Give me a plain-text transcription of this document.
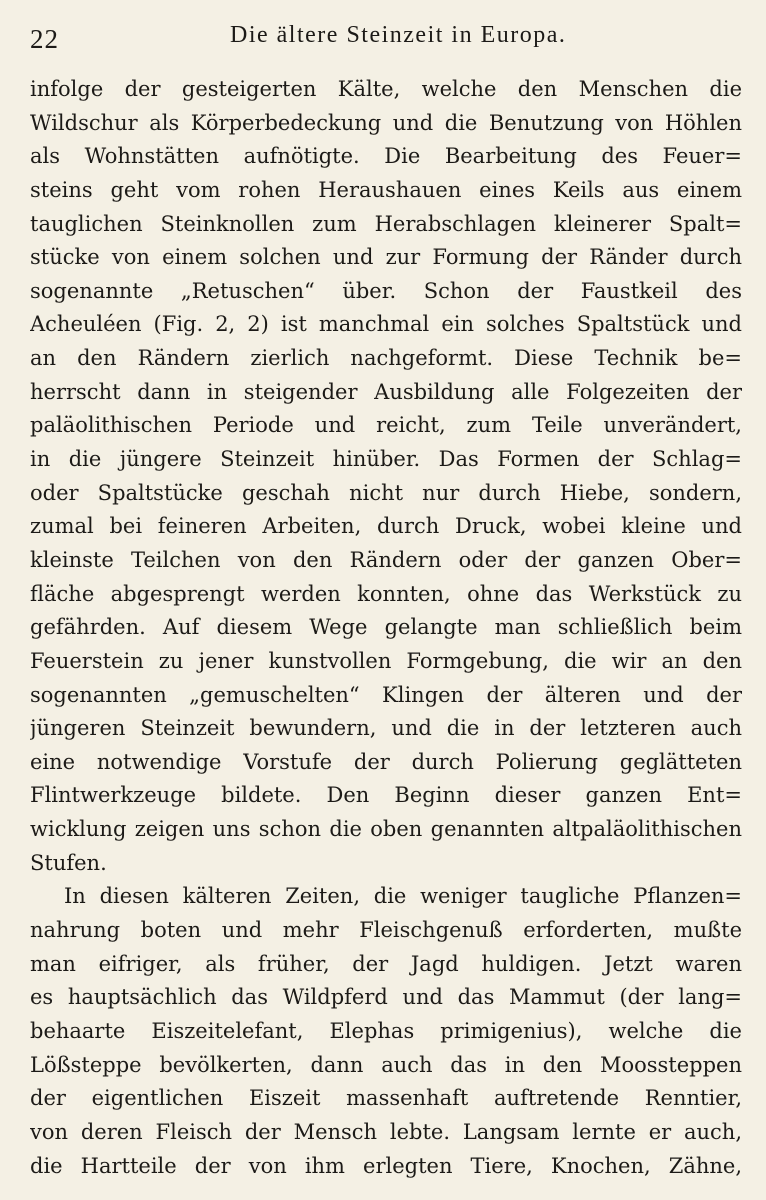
22	Die ältere Steinzeit in Europa.
infolge der gesteigerten Kälte, welche den Menschen die
Wildschur als Körperbedeckung und die Benutzung von Höhlen
als Wohnstätten aufnötigte. Die Bearbeitung des Feuer=
steins geht vom rohen Heraushauen eines Keils aus einem
tauglichen Steinknollen zum Herabschlagen kleinerer Spalt=
stücke von einem solchen und zur Formung der Ränder durch
sogenannte „Retuschen“ über. Schon der Faustkeil des
Acheuléen (Fig. 2, 2) ist manchmal ein solches Spaltstück und
an den Rändern zierlich nachgeformt. Diese Technik be=
herrscht dann in steigender Ausbildung alle Folgezeiten der
paläolithischen Periode und reicht, zum Teile unverändert,
in die jüngere Steinzeit hinüber. Das Formen der Schlag=
oder Spaltstücke geschah nicht nur durch Hiebe, sondern,
zumal bei feineren Arbeiten, durch Druck, wobei kleine und
kleinste Teilchen von den Rändern oder der ganzen Ober=
fläche abgesprengt werden konnten, ohne das Werkstück zu
gefährden. Auf diesem Wege gelangte man schließlich beim
Feuerstein zu jener kunstvollen Formgebung, die wir an den
sogenannten „gemuschelten“ Klingen der älteren und der
jüngeren Steinzeit bewundern, und die in der letzteren auch
eine notwendige Vorstufe der durch Polierung geglätteten
Flintwerkzeuge bildete. Den Beginn dieser ganzen Ent=
wicklung zeigen uns schon die oben genannten altpaläolithischen
Stufen.
In diesen kälteren Zeiten, die weniger taugliche Pflanzen=
nahrung boten und mehr Fleischgenuß erforderten, mußte
man eifriger, als früher, der Jagd huldigen. Jetzt waren
es hauptsächlich das Wildpferd und das Mammut (der lang=
behaarte Eiszeitelefant, Elephas primigenius), welche die
Lößsteppe bevölkerten, dann auch das in den Moossteppen
der eigentlichen Eiszeit massenhaft auftretende Renntier,
von deren Fleisch der Mensch lebte. Langsam lernte er auch,
die Hartteile der von ihm erlegten Tiere, Knochen, Zähne,
